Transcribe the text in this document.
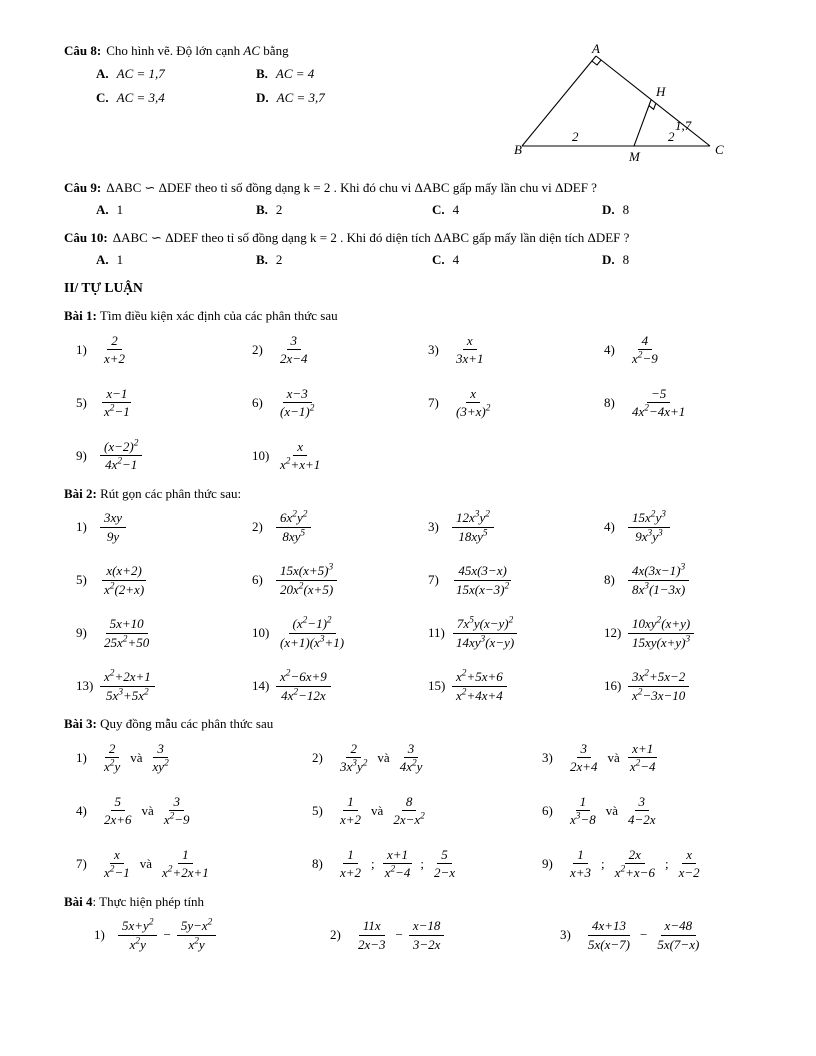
Câu 8: Cho hình vẽ. Độ lớn cạnh AC bằng

A. AC = 1,7	B. AC = 4
C. AC = 3,4	D. AC = 3,7
A
B	C
M
H
2	2
1,7

Câu 9: ΔABC ∽ ΔDEF theo tỉ số đồng dạng k = 2 . Khi đó chu vi ΔABC gấp mấy lần chu vi ΔDEF ?

A. 1	B. 2	C. 4	D. 8

Câu 10: ΔABC ∽ ΔDEF theo tỉ số đồng dạng k = 2 . Khi đó diện tích ΔABC gấp mấy lần diện tích ΔDEF ?

A. 1	B. 2	C. 4	D. 8

II/ TỰ LUẬN

Bài 1: Tìm điều kiện xác định của các phân thức sau

1)	$\frac{2}{x+2}$	2)	$\frac{3}{2x-4}$	3)	$\frac{x}{3x+1}$	4)	$\frac{4}{x^2-9}$
5)	$\frac{x-1}{x^2-1}$	6)	$\frac{x-3}{(x-1)^2}$	7)	$\frac{x}{(3+x)^2}$	8)	$\frac{-5}{4x^2-4x+1}$
9)	$\frac{(x-2)^2}{4x^2-1}$	$10) \frac{x}{x^2+x+1}$

Bài 2: Rút gọn các phân thức sau:

1)	$\frac{3xy}{9y}$	2)	$\frac{6x^2y^2}{8xy^5}$	3)	$\frac{12x^3y^2}{18xy^5}$	4)	$\frac{15x^2y^3}{9x^3y^3}$
5)	$\frac{x(x+2)}{x^2(2+x)}$	6)	$\frac{15x(x+5)^3}{20x^2(x+5)}$	7)	$\frac{45x(3-x)}{15x(x-3)^2}$	8)	$\frac{4x(3x-1)^3}{8x^3(1-3x)}$
9)	$\frac{5x+10}{25x^2+50}$	$10) \frac{(x^2-1)^2}{(x+1)(x^3+1)}$	$11) \frac{7x^5y(x-y)^2}{14xy^3(x-y)}$	$12) \frac{10xy^2(x+y)}{15xy(x+y)^3}$
$13) \frac{x^2+2x+1}{5x^3+5x^2}$	$14) \frac{x^2-6x+9}{4x^2-12x}$	$15) \frac{x^2+5x+6}{x^2+4x+4}$	$16) \frac{3x^2+5x-2}{x^2-3x-10}$

Bài 3: Quy đồng mẫu các phân thức sau

1)	$\frac{2}{x^2y}$ và $\frac{3}{xy^2}$	2)	$\frac{2}{3x^3y^2}$ và $\frac{3}{4x^2y}$	3)	$\frac{3}{2x+4}$ và $\frac{x+1}{x^2-4}$
4)	$\frac{5}{2x+6}$ và $\frac{3}{x^2-9}$	5)	$\frac{1}{x+2}$ và $\frac{8}{2x-x^2}$	6)	$\frac{1}{x^3-8}$ và $\frac{3}{4-2x}$
7)	$\frac{x}{x^2-1}$ và $\frac{1}{x^2+2x+1}$	8)	$\frac{1}{x+2}$ ; $\frac{x+1}{x^2-4}$ ; $\frac{5}{2-x}$	9)	$\frac{1}{x+3}$ ; $\frac{2x}{x^2+x-6}$ ; $\frac{x}{x-2}$

Bài 4: Thực hiện phép tính

1)	$\frac{5x+y^2}{x^2y} - \frac{5y-x^2}{x^2y}$	2)	$\frac{11x}{2x-3} - \frac{x-18}{3-2x}$	3)	$\frac{4x+13}{5x(x-7)} - \frac{x-48}{5x(7-x)}$
